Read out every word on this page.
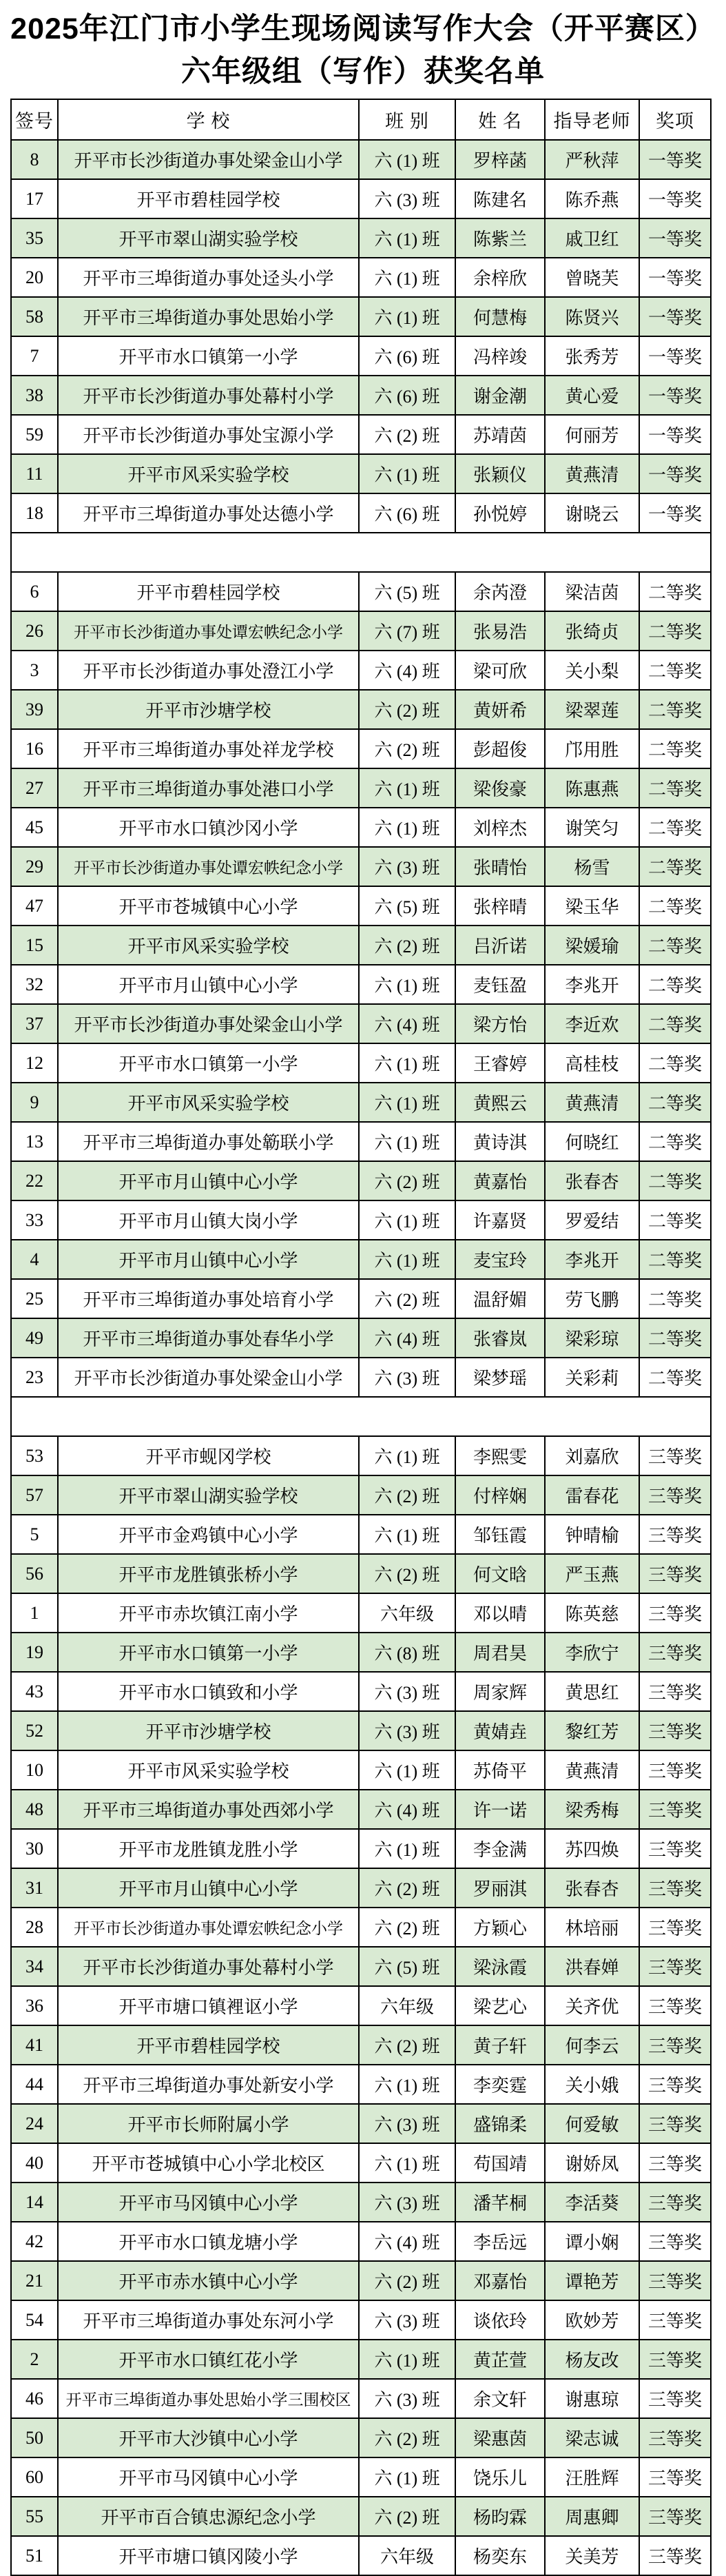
2025年江门市小学生现场阅读写作大会（开平赛区）
六年级组（写作）获奖名单
签号	学 校	班 别	姓 名	指导老师	奖项
8	开平市长沙街道办事处梁金山小学	六 (1) 班	罗梓菡	严秋萍	一等奖
17	开平市碧桂园学校	六 (3) 班	陈建名	陈乔燕	一等奖
35	开平市翠山湖实验学校	六 (1) 班	陈紫兰	戚卫红	一等奖
20	开平市三埠街道办事处迳头小学	六 (1) 班	余梓欣	曾晓芙	一等奖
58	开平市三埠街道办事处思始小学	六 (1) 班	何慧梅	陈贤兴	一等奖
7	开平市水口镇第一小学	六 (6) 班	冯梓竣	张秀芳	一等奖
38	开平市长沙街道办事处幕村小学	六 (6) 班	谢金潮	黄心爱	一等奖
59	开平市长沙街道办事处宝源小学	六 (2) 班	苏靖茵	何丽芳	一等奖
11	开平市风采实验学校	六 (1) 班	张颖仪	黄燕清	一等奖
18	开平市三埠街道办事处达德小学	六 (6) 班	孙悦婷	谢晓云	一等奖

6	开平市碧桂园学校	六 (5) 班	余芮澄	梁洁茵	二等奖
26	开平市长沙街道办事处谭宏帙纪念小学	六 (7) 班	张易浩	张绮贞	二等奖
3	开平市长沙街道办事处澄江小学	六 (4) 班	梁可欣	关小梨	二等奖
39	开平市沙塘学校	六 (2) 班	黄妍希	梁翠莲	二等奖
16	开平市三埠街道办事处祥龙学校	六 (2) 班	彭超俊	邝用胜	二等奖
27	开平市三埠街道办事处港口小学	六 (1) 班	梁俊豪	陈惠燕	二等奖
45	开平市水口镇沙冈小学	六 (1) 班	刘梓杰	谢笑匀	二等奖
29	开平市长沙街道办事处谭宏帙纪念小学	六 (3) 班	张晴怡	杨雪	二等奖
47	开平市苍城镇中心小学	六 (5) 班	张梓晴	梁玉华	二等奖
15	开平市风采实验学校	六 (2) 班	吕沂诺	梁媛瑜	二等奖
32	开平市月山镇中心小学	六 (1) 班	麦钰盈	李兆开	二等奖
37	开平市长沙街道办事处梁金山小学	六 (4) 班	梁方怡	李近欢	二等奖
12	开平市水口镇第一小学	六 (1) 班	王睿婷	高桂枝	二等奖
9	开平市风采实验学校	六 (1) 班	黄熙云	黄燕清	二等奖
13	开平市三埠街道办事处簕联小学	六 (1) 班	黄诗淇	何晓红	二等奖
22	开平市月山镇中心小学	六 (2) 班	黄嘉怡	张春杏	二等奖
33	开平市月山镇大岗小学	六 (1) 班	许嘉贤	罗爱结	二等奖
4	开平市月山镇中心小学	六 (1) 班	麦宝玲	李兆开	二等奖
25	开平市三埠街道办事处培育小学	六 (2) 班	温舒媚	劳飞鹏	二等奖
49	开平市三埠街道办事处春华小学	六 (4) 班	张睿岚	梁彩琼	二等奖
23	开平市长沙街道办事处梁金山小学	六 (3) 班	梁梦瑶	关彩莉	二等奖

53	开平市蚬冈学校	六 (1) 班	李熙雯	刘嘉欣	三等奖
57	开平市翠山湖实验学校	六 (2) 班	付梓娴	雷春花	三等奖
5	开平市金鸡镇中心小学	六 (1) 班	邹钰霞	钟晴榆	三等奖
56	开平市龙胜镇张桥小学	六 (2) 班	何文晗	严玉燕	三等奖
1	开平市赤坎镇江南小学	六年级	邓以晴	陈英慈	三等奖
19	开平市水口镇第一小学	六 (8) 班	周君昊	李欣宁	三等奖
43	开平市水口镇致和小学	六 (3) 班	周家辉	黄思红	三等奖
52	开平市沙塘学校	六 (3) 班	黄婧垚	黎红芳	三等奖
10	开平市风采实验学校	六 (1) 班	苏倚平	黄燕清	三等奖
48	开平市三埠街道办事处西郊小学	六 (4) 班	许一诺	梁秀梅	三等奖
30	开平市龙胜镇龙胜小学	六 (1) 班	李金满	苏四焕	三等奖
31	开平市月山镇中心小学	六 (2) 班	罗丽淇	张春杏	三等奖
28	开平市长沙街道办事处谭宏帙纪念小学	六 (2) 班	方颖心	林培丽	三等奖
34	开平市长沙街道办事处幕村小学	六 (5) 班	梁泳霞	洪春婵	三等奖
36	开平市塘口镇裡讴小学	六年级	梁艺心	关齐优	三等奖
41	开平市碧桂园学校	六 (2) 班	黄子轩	何李云	三等奖
44	开平市三埠街道办事处新安小学	六 (1) 班	李奕霆	关小娥	三等奖
24	开平市长师附属小学	六 (3) 班	盛锦柔	何爱敏	三等奖
40	开平市苍城镇中心小学北校区	六 (1) 班	苟国靖	谢娇凤	三等奖
14	开平市马冈镇中心小学	六 (3) 班	潘芊桐	李活葵	三等奖
42	开平市水口镇龙塘小学	六 (4) 班	李岳远	谭小娴	三等奖
21	开平市赤水镇中心小学	六 (2) 班	邓嘉怡	谭艳芳	三等奖
54	开平市三埠街道办事处东河小学	六 (3) 班	谈依玲	欧妙芳	三等奖
2	开平市水口镇红花小学	六 (1) 班	黄芷萱	杨友改	三等奖
46	开平市三埠街道办事处思始小学三围校区	六 (3) 班	余文轩	谢惠琼	三等奖
50	开平市大沙镇中心小学	六 (2) 班	梁惠茵	梁志诚	三等奖
60	开平市马冈镇中心小学	六 (1) 班	饶乐儿	汪胜辉	三等奖
55	开平市百合镇忠源纪念小学	六 (2) 班	杨昀霖	周惠卿	三等奖
51	开平市塘口镇冈陵小学	六年级	杨奕东	关美芳	三等奖
